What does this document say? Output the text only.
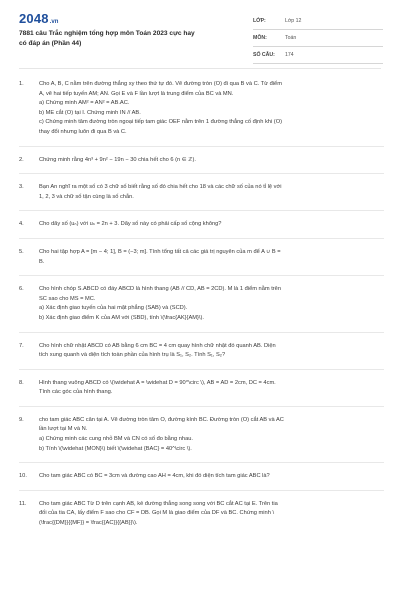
2048 .vn
7881 câu Trắc nghiệm tổng hợp môn Toán 2023 cực hay
có đáp án (Phần 44)
LỚP:	Lớp 12
MÔN:	Toán
SỐ CÂU:	174
1.	Cho A, B, C nằm trên đường thẳng xy theo thứ tự đó. Vẽ đường tròn (O) đi qua B và C. Từ điểm
A, vẽ hai tiếp tuyến AM; AN. Gọi E và F lần lượt là trung điểm của BC và MN.
a) Chứng minh AM² = AN² = AB.AC.
b) ME cắt (O) tại I. Chứng minh IN // AB.
c) Chứng minh tâm đường tròn ngoại tiếp tam giác OEF nằm trên 1 đường thẳng cố định khi (O)
thay đổi nhưng luôn đi qua B và C.
2.	Chứng minh rằng 4n³ + 9n² − 19n − 30 chia hết cho 6 (n ∈ ℤ).
3.	Bạn An nghĩ ra một số có 3 chữ số biết rằng số đó chia hết cho 18 và các chữ số của nó tỉ lệ với
1, 2, 3 và chữ số tận cùng là số chẵn.
4.	Cho dãy số (uₙ) với uₙ = 2n + 3. Dãy số này có phải cấp số cộng không?
5.	Cho hai tập hợp A = [m − 4; 1], B = (−3; m]. Tính tổng tất cả các giá trị nguyên của m để A ∪ B =
B.
6.	Cho hình chóp S.ABCD có đáy ABCD là hình thang (AB // CD, AB = 2CD). M là 1 điểm nằm trên
SC sao cho MS = MC.
a) Xác định giao tuyến của hai mặt phẳng (SAB) và (SCD).
b) Xác định giao điểm K của AM với (SBD), tính \(\frac{AK}{AM}\).
7.	Cho hình chữ nhật ABCD có AB bằng 6 cm BC = 4 cm quay hình chữ nhật đó quanh AB. Diện
tích xung quanh và diện tích toàn phần của hình trụ là S₁, S₂. Tính S₁, S₂?
8.	Hình thang vuông ABCD có \(\widehat A = \widehat D = 90^\circ \), AB = AD = 2cm, DC = 4cm.
Tính các góc của hình thang.
9.	cho tam giác ABC cân tại A. Vẽ đường tròn tâm O, đường kính BC. Đường tròn (O) cắt AB và AC
lần lượt tại M và N.
a) Chứng minh các cung nhỏ BM và CN có số đo bằng nhau.
b) Tính \(\widehat {MON}\) biết \(\widehat {BAC} = 40^\circ \).
10.	Cho tam giác ABC có BC = 3cm và đường cao AH = 4cm, khi đó diện tích tam giác ABC là?
11.	Cho tam giác ABC Từ D trên cạnh AB, kẻ đường thẳng song song với BC cắt AC tại E. Trên tia
đối của tia CA, lấy điểm F sao cho CF = DB. Gọi M là giao điểm của DF và BC. Chứng minh \
(\frac{{DM}}{{MF}} = \frac{{AC}}{{AB}}\).
